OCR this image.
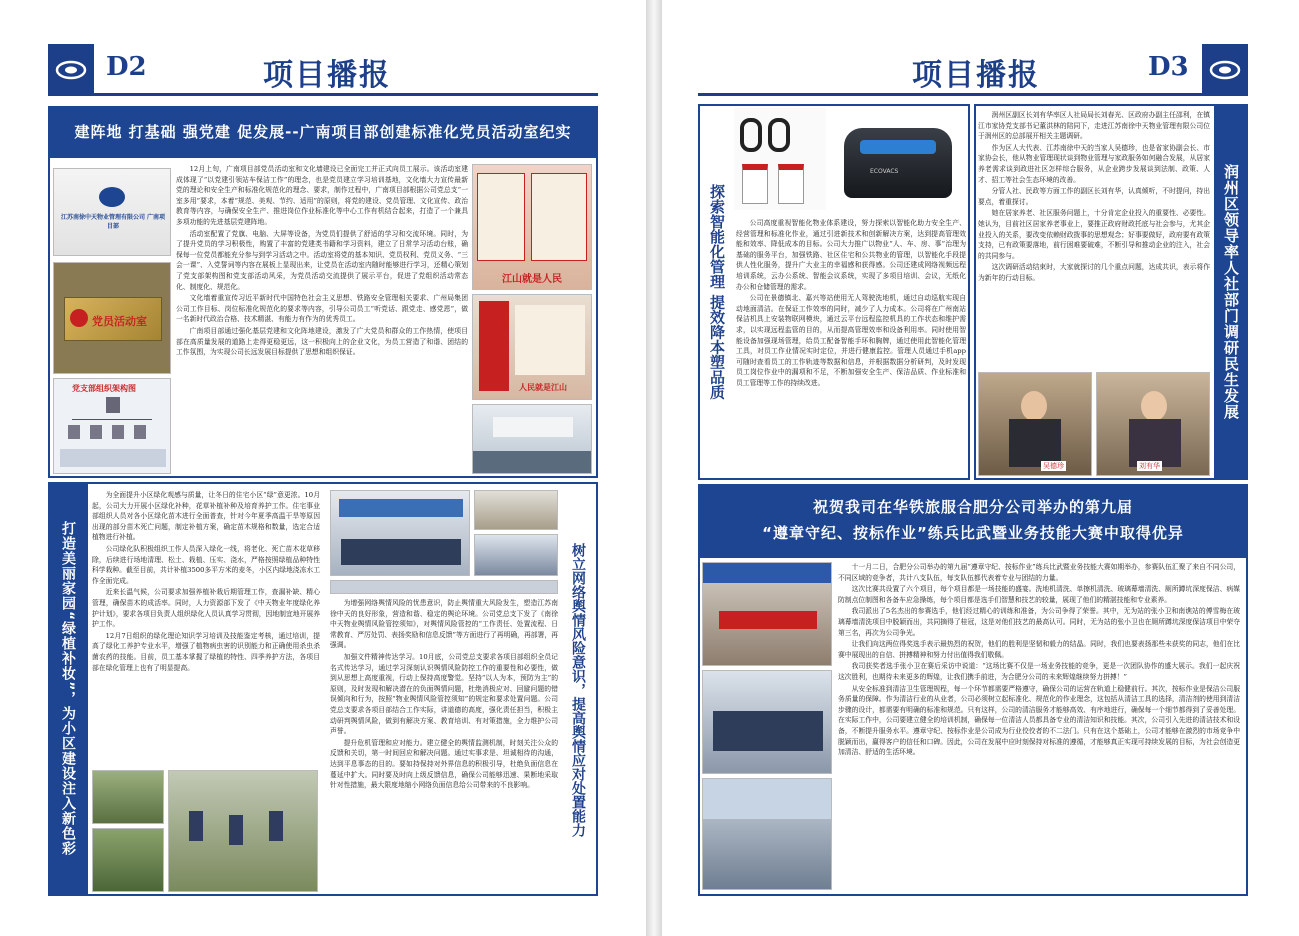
D2	项目播报
建阵地 打基础 强党建 促发展--广南项目部创建标准化党员活动室纪实
江苏南徐中天物业管理有限公司 广南项目部
党员活动室
党支部组织架构图

12月上旬，广南项目部党员活动室和文化墙建设已全面完工并正式向员工展示。该活动室建成体现了“以党建引领站车保洁工作”的理念，也是党员建立学习培训基地，文化墙大力宣传最新党的理论和安全生产和标准化规范化的理念、要求，制作过程中，广南项目部根据公司党总支“一室多用”要求，本着“规范、美观、节约、适用”的原则，将党的建设、党员管理、文化宣传、政治教育等内容，与确保安全生产、推进岗位作业标准化等中心工作有机结合起来，打造了一个兼具多项功能的先进基层党建阵地。

活动室配置了党旗、电脑、大屏等设备，为党员们提供了舒适的学习和交流环境。同时，为了提升党员的学习积极性，购置了丰富的党建类书籍和学习资料，建立了日常学习活动台账，确保每一位党员都能充分参与到学习活动之中。活动室将党的基本知识、党员权利、党员义务、“三会一课”、入党誓词等内容在展板上显现出来，让党员在活动室内随时能够进行学习，还精心策划了党支部架构图和党支部活动风采，为党员活动交流提供了展示平台，促进了党组织活动常态化、制度化、规范化。

文化墙着重宣传习近平新时代中国特色社会主义思想、铁路安全管理相关要求、广州局集团公司工作目标、岗位标准化规范化的要求等内容，引导公司员工“听党话、跟党走、感党恩”，做一名新时代政治合格、技术精湛、有能力有作为的优秀员工。

广南项目部通过强化基层党建和文化阵地建设，激发了广大党员和群众的工作热情，使项目部在高质量发展的道路上走得更稳更远，这一积极向上的企业文化，为员工营造了和谐、团结的工作氛围，为实现公司长远发展目标提供了思想和组织保证。

江山就是人民
人民就是江山
打造美丽家园“绿植补妆”，为小区建设注入新色彩

为全面提升小区绿化观感与质量，让冬日的住宅小区“绿”意更浓。10月起，公司大力开展小区绿化补种，花草补植补种及培育养护工作。住宅事业部组织人员对各小区绿化苗木进行全面普查，针对今年夏季高温干旱等原因出现的部分苗木死亡问题，制定补植方案，确定苗木规格和数量，选定合适植物进行补植。

公司绿化队积极组织工作人员深入绿化一线，将老化、死亡苗木花草移除，后续进行场地清理、松土、栽植、压实、浇水，严格按照绿植品种特性科学栽种。截至目前，共计补植3500多平方米的麦冬，小区内绿地浇冻水工作全面完成。

近来长温气候，公司要求加强养植补栽后期管理工作，查漏补缺、精心管理，确保苗木的成活率。同时，人力资源部下发了《中天物业年度绿化养护计划》，要求各项目负责人组织绿化人员认真学习贯彻，因地制宜地开展养护工作。

12月7日组织的绿化理论知识学习培训及技能鉴定考核，通过培训，提高了绿化工养护专业水平，增强了植物病虫害的识别能力和正确使用杀虫杀菌农药的技能。目前，员工基本掌握了绿植的特性、四季养护方法，各项目部在绿化管理上也有了明显提高。

为增强网络舆情风险的忧患意识，防止舆情重大风险发生，塑造江苏南徐中天的良好形象，营造和谐、稳定的舆论环境。公司党总支下发了《南徐中天物业舆情风险管控须知》，对舆情风险管控的“工作责任、处置流程、日常教育、严厉处罚、表扬奖励和信息反馈”等方面进行了再明确，再部署，再强调。

加强文件精神传达学习。10月底，公司党总支要求各项目部组织全员记名式传达学习，通过学习深刻认识舆情风险防控工作的重要性和必要性，做到从思想上高度重视，行动上保持高度警觉。坚持“以人为本，预防为主”的原则，及时发现和解决潜在的负面舆情问题，杜绝消极应对、回避问题的错误倾向和行为，按照“物业舆情风险管控须知”的规定和要求处置问题。公司党总支要求各项目部结合工作实际，讲道德的高度，强化责任担当，积极主动研判舆情风险，做到有解决方案、教育培训、有对策措施，全力维护公司声誉。

提升危机管理和应对能力。建立健全的舆情监测机制，时刻关注公众的反馈和关切，第一时间回应和解决问题。通过实事求是、坦诚相待的沟通，达到平息事态的目的。要如持保持对外界信息的积极引导，杜绝负面信息在蔓延中扩大。同时要及时向上级反馈信息，确保公司能够迅速、果断地采取针对性措施，最大限度地缩小网络负面信息给公司带来的不良影响。	树立网络舆情风险意识，提高舆情应对处置能力
项目播报	D3
探索智能化管理 提效降本塑品质
ECOVACS

公司高度重视智能化物业体系建设，努力探索以智能化助力安全生产、经营管理和标准化作业，通过引进新技术和创新解决方案，达到提高管理效能和效率、降低成本的目标。公司大力推广以物业“人、车、房、事”治理为基础的服务平台，加强铁路、社区住宅和公共物业的管理，以智能化手段提供人性化服务，提升广大业主的幸福感和获得感。公司还建成网络视频远程培训系统，云办公系统、智能会议系统，实现了多项目培训、会议，无纸化办公和仓储管理的需求。

公司在景德镇北、嘉兴等站使用无人驾驶洗地机，通过自动巡航实现自动地面清洁。在保证工作效率的同时，减少了人力成本。公司将在广州南站保洁机具上安装物联网模块，通过云平台远程监控机具的工作状态和维护需求，以实现远程监管的目的，从而提高管理效率和设备利用率。同时使用智能设备加强现场管理，给员工配备智能手环和胸牌，通过使用此智能化管理工具，对员工作业情况实时定位，并进行健康监控。管理人员通过手机app可随时查看员工的工作轨迹等数据和信息，并根据数据分析研判，及时发现员工岗位作业中的漏项和不足，不断加强安全生产、保洁品质、作业标准和员工管理等工作的持续改进。

润州区副区长刘有华率区人社局局长刘春光、区政府办副主任邵利，在镇江市家协党支部书记董洪林的陪同下，走进江苏南徐中天物业管理有限公司位于润州区的总部展开相关主题调研。

作为区人大代表、江苏南徐中天的当家人吴德珍，也是省家协副会长、市家协会长，他从物业管理现状谈到物业管理与家政服务如何融合发展，从居家养老需求谈到政进社区怎样综合服务，从企业跨步发展谈到法制、政策、人才、招工等社会生态环境的改善。

分管人社、民政等方面工作的副区长刘有华，认真倾听，不时提问，持出要点，着重探讨。

她在居家养老、社区服务问题上，十分肯定企业投入的重要性、必要性。她认为，目前社区居家养老事业上，要推正政府财政托底与社会参与，尤其企业投入的关系，要改变依赖财政拨事的思想观念；好事要做好，政府要有政策支持，已有政策要落地，前行困难要破难，不断引导和推动企业的注入，社会的共同参与。

这次调研活动结束时，大家就探讨的几个重点问题，达成共识，表示将作为新年的行动目标。

吴德珍	刘有华
润州区领导率人社部门调研民生发展
祝贺我司在华铁旅服合肥分公司举办的第九届
“遵章守纪、按标作业”练兵比武暨业务技能大赛中取得优异

十一月二日，合肥分公司举办的第九届“遵章守纪、按标作业”练兵比武暨业务技能大赛如期举办，参赛队伍汇聚了来自不同公司，不同区域的竞争者，共计八支队伍，每支队伍都代表着专业与团结的力量。

这次比赛共设置了六个项目，每个项目都是一场技能的盛宴。洗地机清洗、单擦机清洗、玻璃幕墙清洗、厕所蹲坑深度保洁、病媒防制点位制图和各备车应急操练，每个项目都是选手们智慧和技艺的较量，展现了他们的精湛技能和专业素养。

我司派出了5名杰出的参赛选手，他们经过精心的训练和准备，为公司争得了荣誉。其中，无为站的张小卫和南谯站的傅雪梅在玻璃幕墙清洗项目中脱颖而出，共同摘得了桂冠，这是对他们技艺的最高认可。同时，无为站的张小卫也在厕所蹲坑深度保洁项目中荣夺第三名，再次为公司争光。

让我们向这两位得奖选手表示最热烈的祝贺，他们的胜利是坚韧和毅力的结晶。同时，我们也要表扬那些未获奖的同志，他们在比赛中展现出的自信、拼搏精神和努力付出值得我们敬佩。

我司获奖者选手张小卫在赛后采访中说道：“这场比赛不仅是一场业务技能的竞争，更是一次团队协作的盛大展示。我们一起庆祝这次胜利，也期待未来更多的辉煌，让我们携手前进，为合肥分公司的未来辉煌继续努力拼搏！”

从安全标准到清洁卫生管理规程，每一个环节都需要严格遵守，确保公司的运营在轨道上稳健前行。其次，按标作业是保洁公司服务质量的保障。作为清洁行业的从业者，公司必须树立起标准化、规范化的作业理念，这包括从清洁工具的选择，清洁剂的使用到清洁步骤的设计，都需要有明确的标准和规范。只有这样，公司的清洁服务才能够高效、有序地进行，确保每一个细节都得到了妥善处理。在实际工作中，公司要建立健全的培训机制，确保每一位清洁人员都具备专业的清洁知识和技能。其次，公司引入先进的清洁技术和设备，不断提升服务水平。遵章守纪、按标作业是公司成为行业佼佼者的不二法门。只有在这个基础上，公司才能够在激烈的市场竞争中脱颖而出，赢得客户的信任和口碑。因此，公司在发展中应时刻保持对标准的遵循，才能够真正实现可持续发展的目标，为社会创造更加清洁、舒适的生活环境。
